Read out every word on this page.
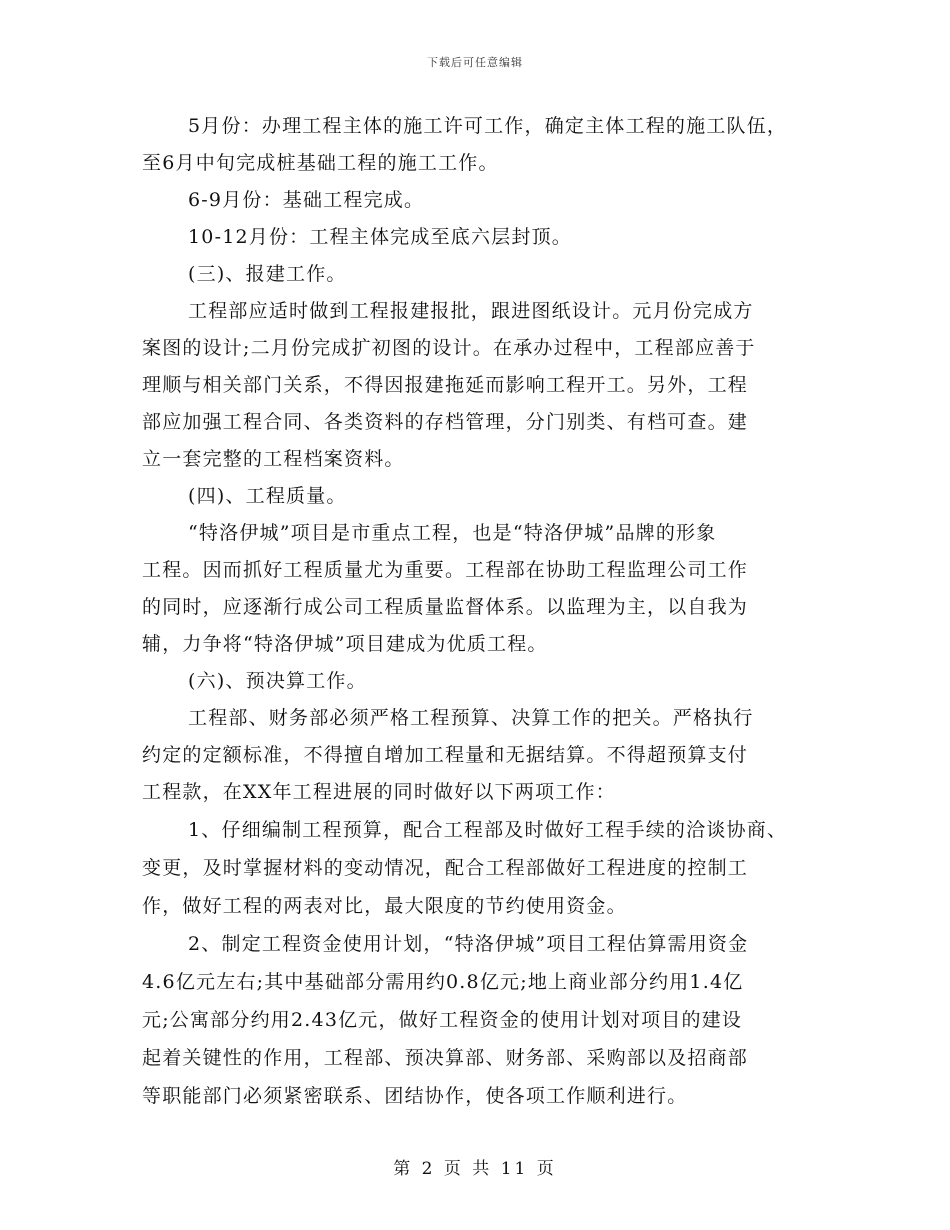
下载后可任意编辑
5月份：办理工程主体的施工许可工作，确定主体工程的施工队伍，
至6月中旬完成桩基础工程的施工工作。
6-9月份：基础工程完成。
10-12月份：工程主体完成至底六层封顶。
(三)、报建工作。
工程部应适时做到工程报建报批，跟进图纸设计。元月份完成方
案图的设计;二月份完成扩初图的设计。在承办过程中，工程部应善于
理顺与相关部门关系，不得因报建拖延而影响工程开工。另外，工程
部应加强工程合同、各类资料的存档管理，分门别类、有档可查。建
立一套完整的工程档案资料。
(四)、工程质量。
“特洛伊城”项目是市重点工程，也是“特洛伊城”品牌的形象
工程。因而抓好工程质量尤为重要。工程部在协助工程监理公司工作
的同时，应逐渐行成公司工程质量监督体系。以监理为主，以自我为
辅，力争将“特洛伊城”项目建成为优质工程。
(六)、预决算工作。
工程部、财务部必须严格工程预算、决算工作的把关。严格执行
约定的定额标准，不得擅自增加工程量和无据结算。不得超预算支付
工程款，在XX年工程进展的同时做好以下两项工作：
1、仔细编制工程预算，配合工程部及时做好工程手续的洽谈协商、
变更，及时掌握材料的变动情况，配合工程部做好工程进度的控制工
作，做好工程的两表对比，最大限度的节约使用资金。
2、制定工程资金使用计划，“特洛伊城”项目工程估算需用资金
4.6亿元左右;其中基础部分需用约0.8亿元;地上商业部分约用1.4亿
元;公寓部分约用2.43亿元，做好工程资金的使用计划对项目的建设
起着关键性的作用，工程部、预决算部、财务部、采购部以及招商部
等职能部门必须紧密联系、团结协作，使各项工作顺利进行。
第 2 页 共 11 页
